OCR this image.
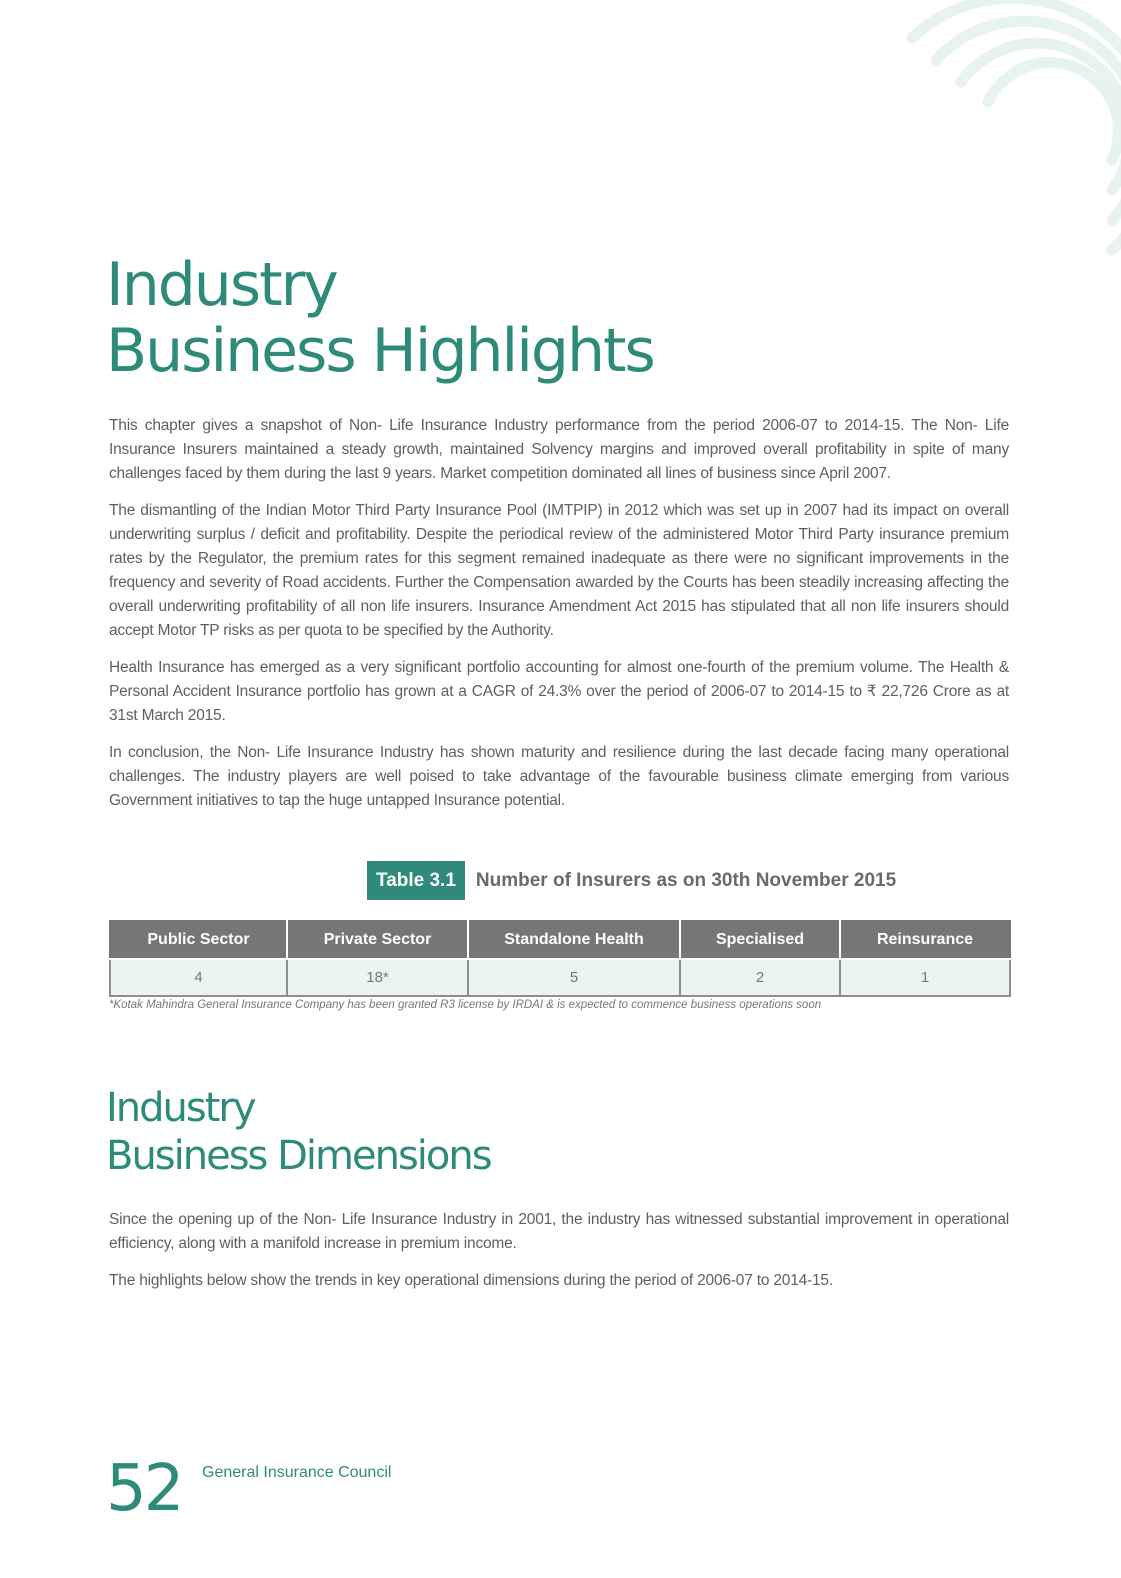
Industry
Business Highlights

This chapter gives a snapshot of Non- Life Insurance Industry performance from the period 2006-07 to 2014-15. The Non- Life Insurance Insurers maintained a steady growth, maintained Solvency margins and improved overall profitability in spite of many challenges faced by them during the last 9 years. Market competition dominated all lines of business since April 2007.

The dismantling of the Indian Motor Third Party Insurance Pool (IMTPIP) in 2012 which was set up in 2007 had its impact on overall underwriting surplus / deficit and profitability. Despite the periodical review of the administered Motor Third Party insurance premium rates by the Regulator, the premium rates for this segment remained inadequate as there were no significant improvements in the frequency and severity of Road accidents. Further the Compensation awarded by the Courts has been steadily increasing affecting the overall underwriting profitability of all non life insurers. Insurance Amendment Act 2015 has stipulated that all non life insurers should accept Motor TP risks as per quota to be specified by the Authority.

Health Insurance has emerged as a very significant portfolio accounting for almost one-fourth of the premium volume. The Health & Personal Accident Insurance portfolio has grown at a CAGR of 24.3% over the period of 2006-07 to 2014-15 to ₹ 22,726 Crore as at 31st March 2015.

In conclusion, the Non- Life Insurance Industry has shown maturity and resilience during the last decade facing many operational challenges. The industry players are well poised to take advantage of the favourable business climate emerging from various Government initiatives to tap the huge untapped Insurance potential.

Table 3.1	Number of Insurers as on 30th November 2015
Public Sector	Private Sector	Standalone Health	Specialised	Reinsurance
4	18*	5	2	1
*Kotak Mahindra General Insurance Company has been granted R3 license by IRDAI & is expected to commence business operations soon
Industry
Business Dimensions

Since the opening up of the Non- Life Insurance Industry in 2001, the industry has witnessed substantial improvement in operational efficiency, along with a manifold increase in premium income.

The highlights below show the trends in key operational dimensions during the period of 2006-07 to 2014-15.

52 General Insurance Council
